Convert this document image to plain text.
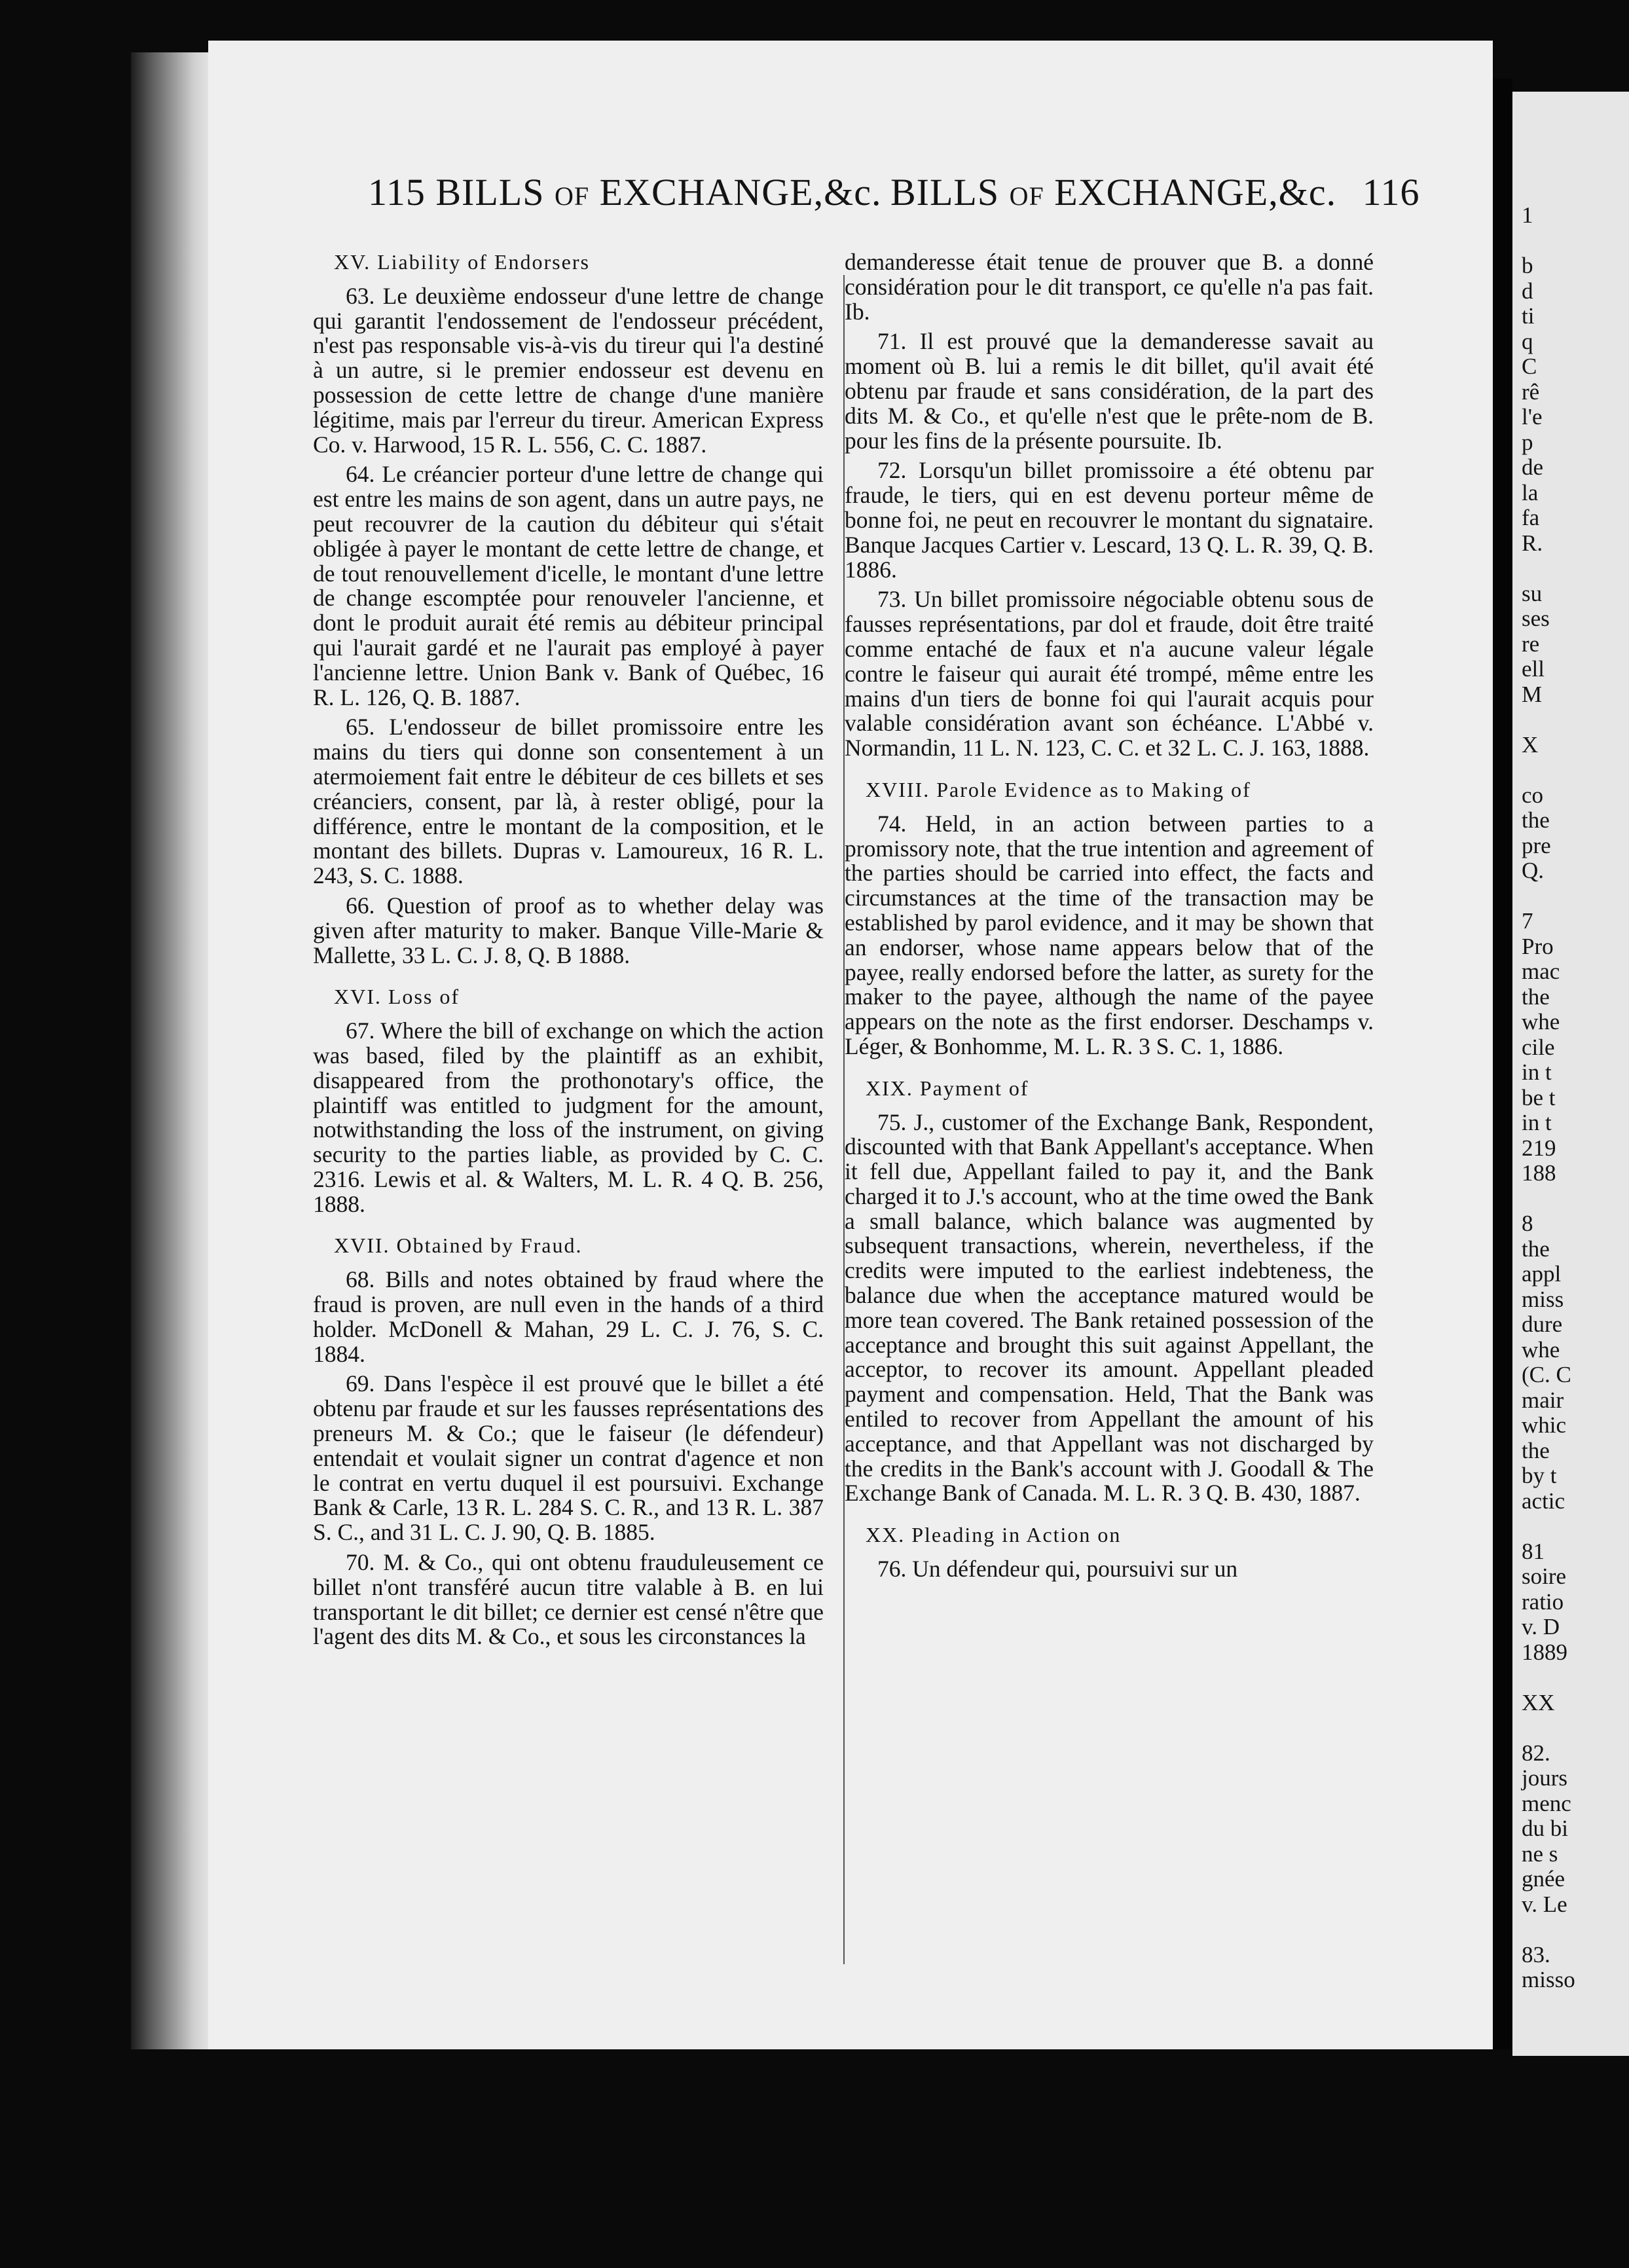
115 BILLS OF EXCHANGE,&c. BILLS OF EXCHANGE,&c. 116
XV. Liability of Endorsers

63. Le deuxième endosseur d'une lettre de change qui garantit l'endossement de l'endosseur précédent, n'est pas responsable vis-à-vis du tireur qui l'a destiné à un autre, si le premier endosseur est devenu en possession de cette lettre de change d'une manière légitime, mais par l'erreur du tireur. American Express Co. v. Harwood, 15 R. L. 556, C. C. 1887.

64. Le créancier porteur d'une lettre de change qui est entre les mains de son agent, dans un autre pays, ne peut recouvrer de la caution du débiteur qui s'était obligée à payer le montant de cette lettre de change, et de tout renouvellement d'icelle, le montant d'une lettre de change escomptée pour renouveler l'ancienne, et dont le produit aurait été remis au débiteur principal qui l'aurait gardé et ne l'aurait pas employé à payer l'ancienne lettre. Union Bank v. Bank of Québec, 16 R. L. 126, Q. B. 1887.

65. L'endosseur de billet promissoire entre les mains du tiers qui donne son consentement à un atermoiement fait entre le débiteur de ces billets et ses créanciers, consent, par là, à rester obligé, pour la différence, entre le montant de la composition, et le montant des billets. Dupras v. Lamoureux, 16 R. L. 243, S. C. 1888.

66. Question of proof as to whether delay was given after maturity to maker. Banque Ville-Marie & Mallette, 33 L. C. J. 8, Q. B 1888.

XVI. Loss of

67. Where the bill of exchange on which the action was based, filed by the plaintiff as an exhibit, disappeared from the prothonotary's office, the plaintiff was entitled to judgment for the amount, notwithstanding the loss of the instrument, on giving security to the parties liable, as provided by C. C. 2316. Lewis et al. & Walters, M. L. R. 4 Q. B. 256, 1888.

XVII. Obtained by Fraud.

68. Bills and notes obtained by fraud where the fraud is proven, are null even in the hands of a third holder. McDonell & Mahan, 29 L. C. J. 76, S. C. 1884.

69. Dans l'espèce il est prouvé que le billet a été obtenu par fraude et sur les fausses représentations des preneurs M. & Co.; que le faiseur (le défendeur) entendait et voulait signer un contrat d'agence et non le contrat en vertu duquel il est poursuivi. Exchange Bank & Carle, 13 R. L. 284 S. C. R., and 13 R. L. 387 S. C., and 31 L. C. J. 90, Q. B. 1885.

70. M. & Co., qui ont obtenu frauduleusement ce billet n'ont transféré aucun titre valable à B. en lui transportant le dit billet; ce dernier est censé n'être que l'agent des dits M. & Co., et sous les circonstances la

demanderesse était tenue de prouver que B. a donné considération pour le dit transport, ce qu'elle n'a pas fait. Ib.

71. Il est prouvé que la demanderesse savait au moment où B. lui a remis le dit billet, qu'il avait été obtenu par fraude et sans considération, de la part des dits M. & Co., et qu'elle n'est que le prête-nom de B. pour les fins de la présente poursuite. Ib.

72. Lorsqu'un billet promissoire a été obtenu par fraude, le tiers, qui en est devenu porteur même de bonne foi, ne peut en recouvrer le montant du signataire. Banque Jacques Cartier v. Lescard, 13 Q. L. R. 39, Q. B. 1886.

73. Un billet promissoire négociable obtenu sous de fausses représentations, par dol et fraude, doit être traité comme entaché de faux et n'a aucune valeur légale contre le faiseur qui aurait été trompé, même entre les mains d'un tiers de bonne foi qui l'aurait acquis pour valable considération avant son échéance. L'Abbé v. Normandin, 11 L. N. 123, C. C. et 32 L. C. J. 163, 1888.

XVIII. Parole Evidence as to Making of

74. Held, in an action between parties to a promissory note, that the true intention and agreement of the parties should be carried into effect, the facts and circumstances at the time of the transaction may be established by parol evidence, and it may be shown that an endorser, whose name appears below that of the payee, really endorsed before the latter, as surety for the maker to the payee, although the name of the payee appears on the note as the first endorser. Deschamps v. Léger, & Bonhomme, M. L. R. 3 S. C. 1, 1886.

XIX. Payment of

75. J., customer of the Exchange Bank, Respondent, discounted with that Bank Appellant's acceptance. When it fell due, Appellant failed to pay it, and the Bank charged it to J.'s account, who at the time owed the Bank a small balance, which balance was augmented by subsequent transactions, wherein, nevertheless, if the credits were imputed to the earliest indebteness, the balance due when the acceptance matured would be more tean covered. The Bank retained possession of the acceptance and brought this suit against Appellant, the acceptor, to recover its amount. Appellant pleaded payment and compensation. Held, That the Bank was entiled to recover from Appellant the amount of his acceptance, and that Appellant was not discharged by the credits in the Bank's account with J. Goodall & The Exchange Bank of Canada. M. L. R. 3 Q. B. 430, 1887.

XX. Pleading in Action on

76. Un défendeur qui, poursuivi sur un

1
b
d
ti
q
C
rê
l'e
p
de
la
fa
R.
su
ses
re
ell
M
X
co
the
pre
Q.
7
Pro
mac
the
whe
cile
in t
be t
in t
219
188
8
the
appl
miss
dure
whe
(C. C
mair
whic
the
by t
actic
81
soire
ratio
v. D
1889
XX
82.
jours
menc
du bi
ne s
gnée
v. Le
83.
misso
